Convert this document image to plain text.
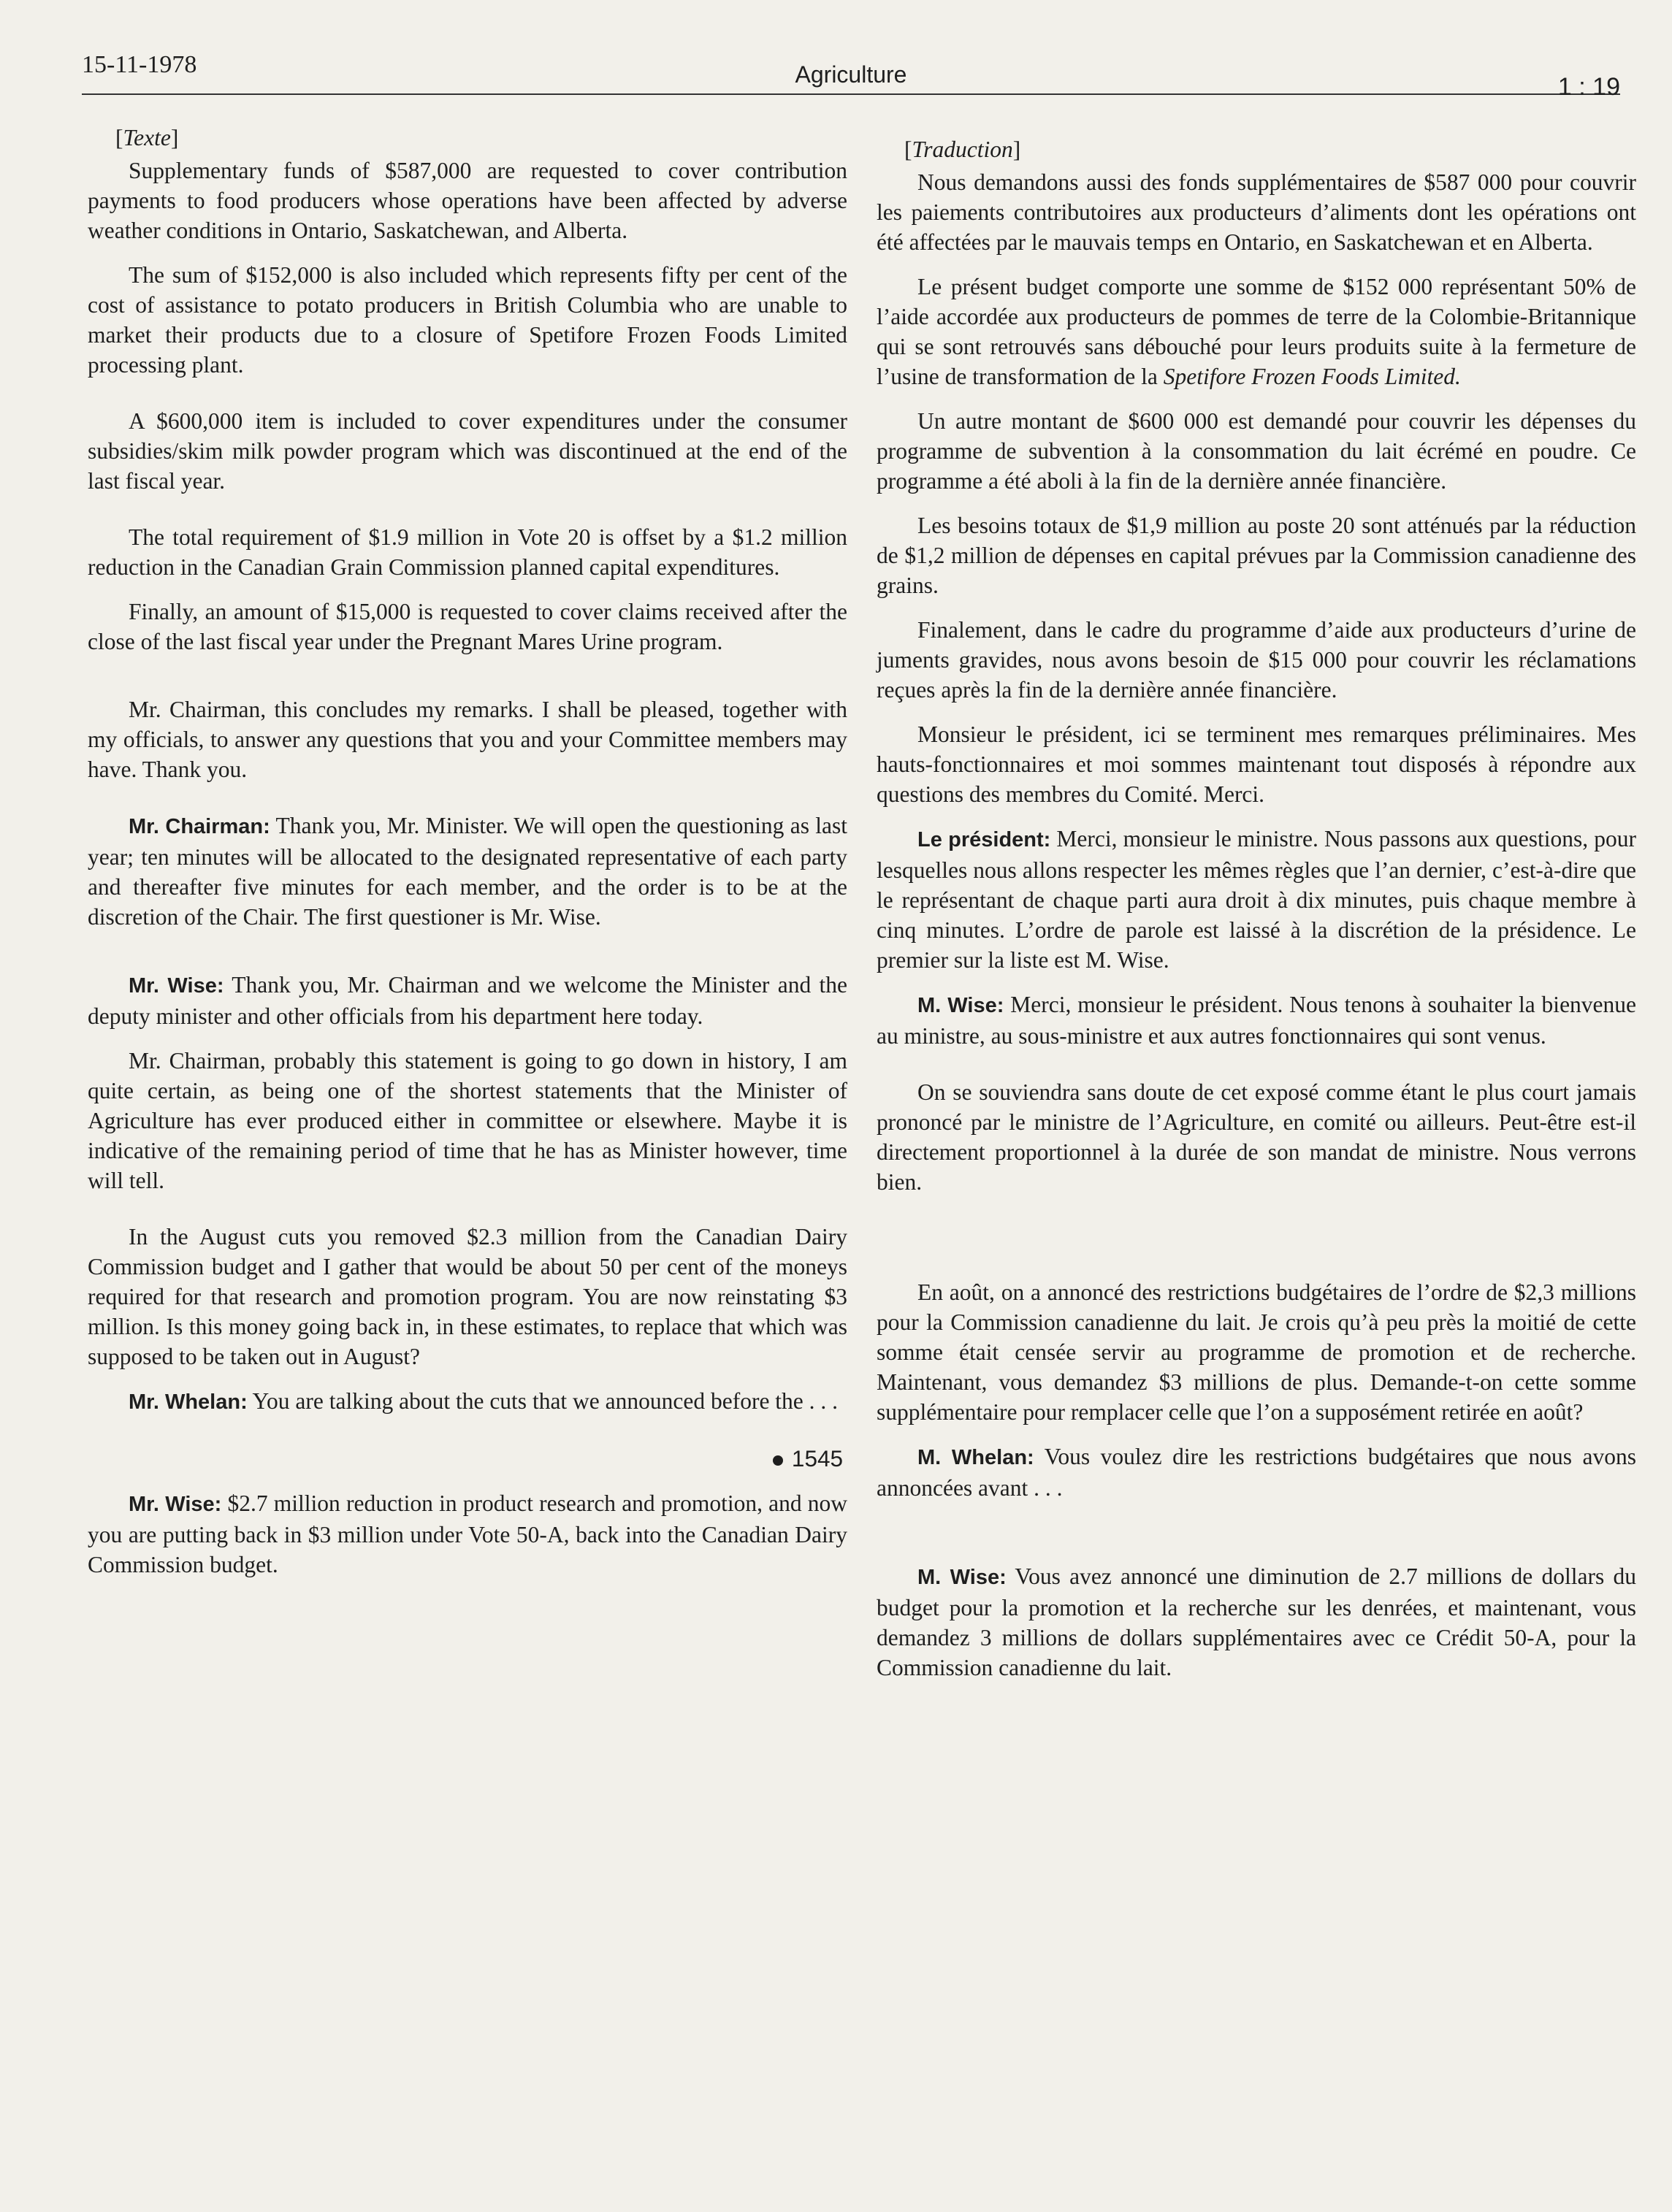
15-11-1978	Agriculture	1 : 19
[Texte]

Supplementary funds of $587,000 are requested to cover contribution payments to food producers whose operations have been affected by adverse weather conditions in Ontario, Saskatchewan, and Alberta.

The sum of $152,000 is also included which represents fifty per cent of the cost of assistance to potato producers in British Columbia who are unable to market their products due to a closure of Spetifore Frozen Foods Limited processing plant.

A $600,000 item is included to cover expenditures under the consumer subsidies/skim milk powder program which was discontinued at the end of the last fiscal year.

The total requirement of $1.9 million in Vote 20 is offset by a $1.2 million reduction in the Canadian Grain Commission planned capital expenditures.

Finally, an amount of $15,000 is requested to cover claims received after the close of the last fiscal year under the Pregnant Mares Urine program.

Mr. Chairman, this concludes my remarks. I shall be pleased, together with my officials, to answer any questions that you and your Committee members may have. Thank you.

Mr. Chairman: Thank you, Mr. Minister. We will open the questioning as last year; ten minutes will be allocated to the designated representative of each party and thereafter five minutes for each member, and the order is to be at the discretion of the Chair. The first questioner is Mr. Wise.

Mr. Wise: Thank you, Mr. Chairman and we welcome the Minister and the deputy minister and other officials from his department here today.

Mr. Chairman, probably this statement is going to go down in history, I am quite certain, as being one of the shortest statements that the Minister of Agriculture has ever produced either in committee or elsewhere. Maybe it is indicative of the remaining period of time that he has as Minister however, time will tell.

In the August cuts you removed $2.3 million from the Canadian Dairy Commission budget and I gather that would be about 50 per cent of the moneys required for that research and promotion program. You are now reinstating $3 million. Is this money going back in, in these estimates, to replace that which was supposed to be taken out in August?

Mr. Whelan: You are talking about the cuts that we announced before the . . .

1545

Mr. Wise: $2.7 million reduction in product research and promotion, and now you are putting back in $3 million under Vote 50-A, back into the Canadian Dairy Commission budget.

[Traduction]

Nous demandons aussi des fonds supplémentaires de $587 000 pour couvrir les paiements contributoires aux producteurs d’aliments dont les opérations ont été affectées par le mauvais temps en Ontario, en Saskatchewan et en Alberta.

Le présent budget comporte une somme de $152 000 représentant 50% de l’aide accordée aux producteurs de pommes de terre de la Colombie-Britannique qui se sont retrouvés sans débouché pour leurs produits suite à la fermeture de l’usine de transformation de la Spetifore Frozen Foods Limited.

Un autre montant de $600 000 est demandé pour couvrir les dépenses du programme de subvention à la consommation du lait écrémé en poudre. Ce programme a été aboli à la fin de la dernière année financière.

Les besoins totaux de $1,9 million au poste 20 sont atténués par la réduction de $1,2 million de dépenses en capital prévues par la Commission canadienne des grains.

Finalement, dans le cadre du programme d’aide aux producteurs d’urine de juments gravides, nous avons besoin de $15 000 pour couvrir les réclamations reçues après la fin de la dernière année financière.

Monsieur le président, ici se terminent mes remarques préliminaires. Mes hauts-fonctionnaires et moi sommes maintenant tout disposés à répondre aux questions des membres du Comité. Merci.

Le président: Merci, monsieur le ministre. Nous passons aux questions, pour lesquelles nous allons respecter les mêmes règles que l’an dernier, c’est-à-dire que le représentant de chaque parti aura droit à dix minutes, puis chaque membre à cinq minutes. L’ordre de parole est laissé à la discrétion de la présidence. Le premier sur la liste est M. Wise.

M. Wise: Merci, monsieur le président. Nous tenons à souhaiter la bienvenue au ministre, au sous-ministre et aux autres fonctionnaires qui sont venus.

On se souviendra sans doute de cet exposé comme étant le plus court jamais prononcé par le ministre de l’Agriculture, en comité ou ailleurs. Peut-être est-il directement proportionnel à la durée de son mandat de ministre. Nous verrons bien.

En août, on a annoncé des restrictions budgétaires de l’ordre de $2,3 millions pour la Commission canadienne du lait. Je crois qu’à peu près la moitié de cette somme était censée servir au programme de promotion et de recherche. Maintenant, vous demandez $3 millions de plus. Demande-t-on cette somme supplémentaire pour remplacer celle que l’on a supposément retirée en août?

M. Whelan: Vous voulez dire les restrictions budgétaires que nous avons annoncées avant . . .

M. Wise: Vous avez annoncé une diminution de 2.7 millions de dollars du budget pour la promotion et la recherche sur les denrées, et maintenant, vous demandez 3 millions de dollars supplémentaires avec ce Crédit 50-A, pour la Commission canadienne du lait.
